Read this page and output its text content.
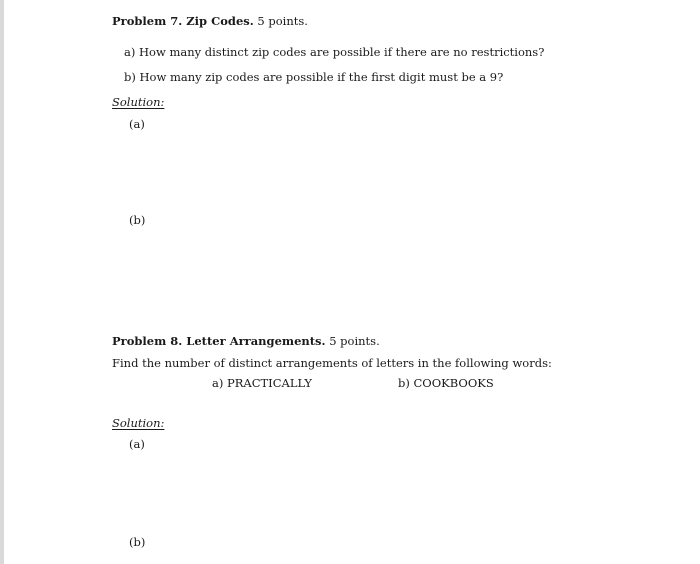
Problem 7. Zip Codes. 5 points.
a) How many distinct zip codes are possible if there are no restrictions?
b) How many zip codes are possible if the first digit must be a 9?
Solution:
(a)
(b)
Problem 8. Letter Arrangements. 5 points.
Find the number of distinct arrangements of letters in the following words:
a) PRACTICALLY	b) COOKBOOKS
Solution:
(a)
(b)
